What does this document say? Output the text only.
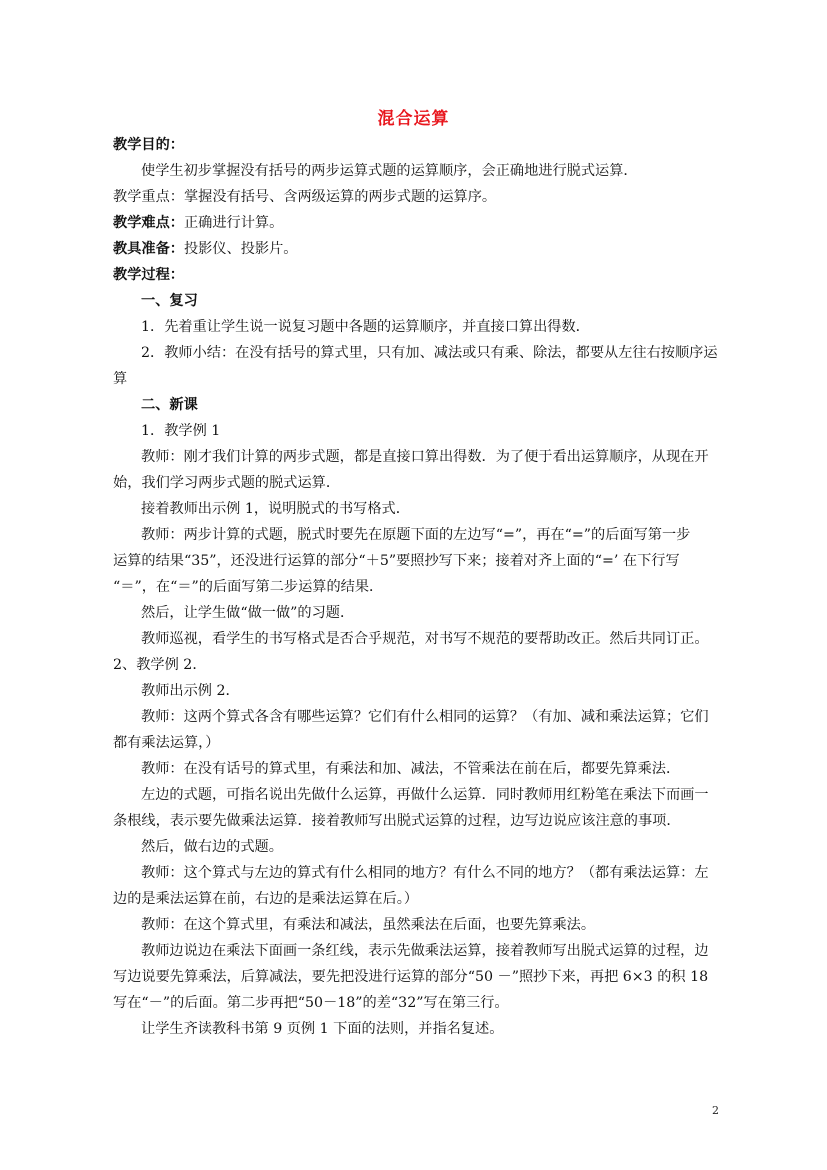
混合运算

教学目的：

使学生初步掌握没有括号的两步运算式题的运算顺序，会正确地进行脱式运算．

教学重点：掌握没有括号、含两级运算的两步式题的运算序。

教学难点：正确进行计算。

教具准备：投影仪、投影片。

教学过程：

一、复习

1．先着重让学生说一说复习题中各题的运算顺序，并直接口算出得数．

2．教师小结：在没有括号的算式里，只有加、减法或只有乘、除法，都要从左往右按顺序运

算

二、新课

1．教学例 1

教师：刚才我们计算的两步式题，都是直接口算出得数．为了便于看出运算顺序，从现在开

始，我们学习两步式题的脱式运算．

接着教师出示例 1，说明脱式的书写格式．

教师：两步计算的式题，脱式时要先在原题下面的左边写“=”，再在“=”的后面写第一步

运算的结果“35”，还没进行运算的部分“＋5”要照抄写下来；接着对齐上面的“=’ 在下行写

“＝”，在“＝”的后面写第二步运算的结果．

然后，让学生做“做一做”的习题．

教师巡视，看学生的书写格式是否合乎规范，对书写不规范的要帮助改正。然后共同订正。

2、教学例 2．

教师出示例 2．

教师：这两个算式各含有哪些运算？它们有什么相同的运算？（有加、减和乘法运算；它们

都有乘法运算，）

教师：在没有话号的算式里，有乘法和加、减法，不管乘法在前在后，都要先算乘法．

左边的式题，可指名说出先做什么运算，再做什么运算．同时教师用红粉笔在乘法下而画一

条根线，表示要先做乘法运算．接着教师写出脱式运算的过程，边写边说应该注意的事项．

然后，做右边的式题。

教师：这个算式与左边的算式有什么相同的地方？有什么不同的地方？（都有乘法运算：左

边的是乘法运算在前，右边的是乘法运算在后。）

教师：在这个算式里，有乘法和减法，虽然乘法在后面，也要先算乘法。

教师边说边在乘法下面画一条红线，表示先做乘法运算，接着教师写出脱式运算的过程，边

写边说要先算乘法，后算减法，要先把没进行运算的部分“50 －”照抄下来，再把 6×3 的积 18

写在“－”的后面。第二步再把“50－18”的差“32”写在第三行。

让学生齐读教科书第 9 页例 1 下面的法则，并指名复述。

2
